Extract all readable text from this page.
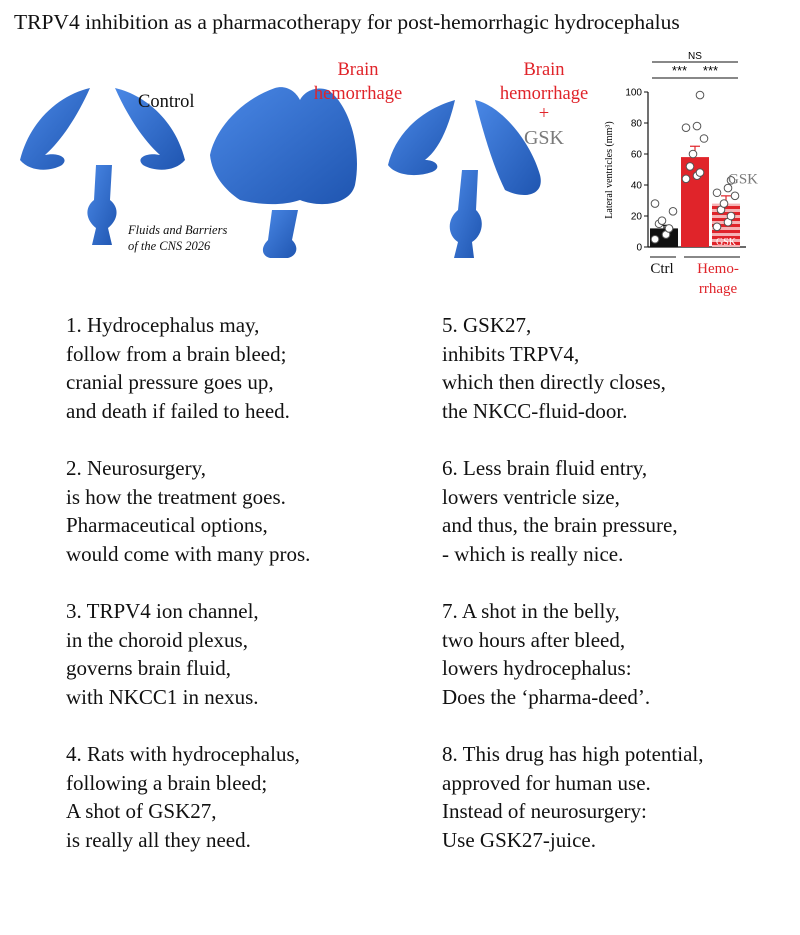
TRPV4 inhibition as a pharmacotherapy for post-hemorrhagic hydrocephalus
Control
Brain
hemorrhage
Brain
hemorrhage
+
GSK
Fluids and Barriers
of the CNS 2026	0
20
40
60
80
100
Lateral ventricles (mm³)	GSK
GSK
NS
*** ***
Ctrl Hemo-
rrhage
1. Hydrocephalus may,
follow from a brain bleed;
cranial pressure goes up,
and death if failed to heed.
2. Neurosurgery,
is how the treatment goes.
Pharmaceutical options,
would come with many pros.
3. TRPV4 ion channel,
in the choroid plexus,
governs brain fluid,
with NKCC1 in nexus.
4. Rats with hydrocephalus,
following a brain bleed;
A shot of GSK27,
is really all they need.
5. GSK27,
inhibits TRPV4,
which then directly closes,
the NKCC-fluid-door.
6. Less brain fluid entry,
lowers ventricle size,
and thus, the brain pressure,
- which is really nice.
7. A shot in the belly,
two hours after bleed,
lowers hydrocephalus:
Does the ‘pharma-deed’.
8. This drug has high potential,
approved for human use.
Instead of neurosurgery:
Use GSK27-juice.
